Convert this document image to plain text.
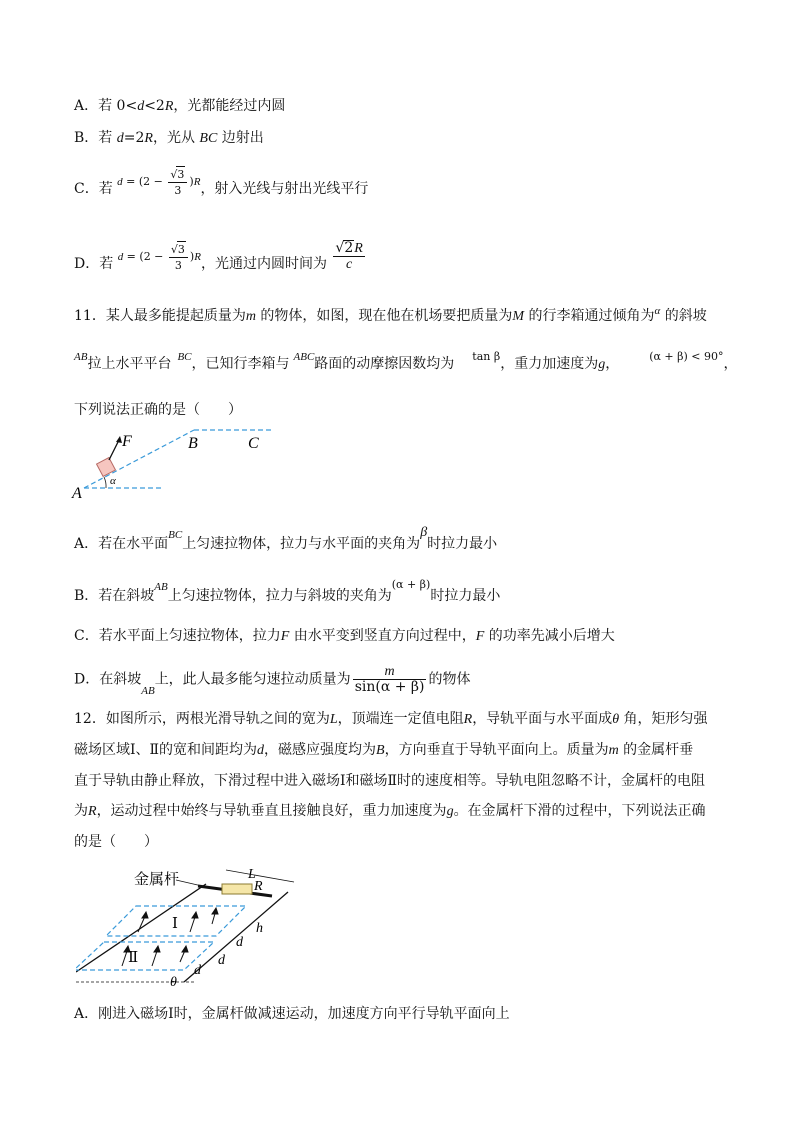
A．若 0<d<2R，光都能经过内圆
B．若 d=2R，光从 BC 边射出
C．若 $^{d = (2 - \frac{√3}{3} )R}$，射入光线与射出光线平行
D．若 $^{d = (2 - \frac{√3}{3} )R}$，光通过内圆时间为 $\frac{√2R}{c}$
11．某人最多能提起质量为m 的物体，如图，现在他在机场要把质量为M 的行李箱通过倾角为$^\alpha$ 的斜坡
$^{AB}$拉上水平平台 $^{BC}$，已知行李箱与 $^{ABC}$路面的动摩擦因数均为 $^{tan \beta}$，重力加速度为g，	$^{(\alpha + \beta) < 90^\circ}$，
下列说法正确的是（　　）
F
A
B	C
α
A．若在水平面$^{BC}$上匀速拉物体，拉力与水平面的夹角为β时拉力最小
B．若在斜坡$^{AB}$上匀速拉物体，拉力与斜坡的夹角为$^{(\alpha + \beta)}$时拉力最小
C．若水平面上匀速拉物体，拉力F 由水平变到竖直方向过程中，F 的功率先减小后增大
D．在斜坡$_{AB}$上，此人最多能匀速拉动质量为 $\frac{m}{\sin(\alpha + \beta)}$ 的物体
12．如图所示，两根光滑导轨之间的宽为L，顶端连一定值电阻R，导轨平面与水平面成θ 角，矩形匀强
磁场区域Ⅰ、Ⅱ的宽和间距均为d，磁感应强度均为B，方向垂直于导轨平面向上。质量为m 的金属杆垂
直于导轨由静止释放，下滑过程中进入磁场Ⅰ和磁场Ⅱ时的速度相等。导轨电阻忽略不计，金属杆的电阻
为R，运动过程中始终与导轨垂直且接触良好，重力加速度为g。在金属杆下滑的过程中，下列说法正确
的是（　　）
金属杆	R
L
Ⅰ
Ⅱ
h
d
d
d
θ
A．刚进入磁场Ⅰ时，金属杆做减速运动，加速度方向平行导轨平面向上
